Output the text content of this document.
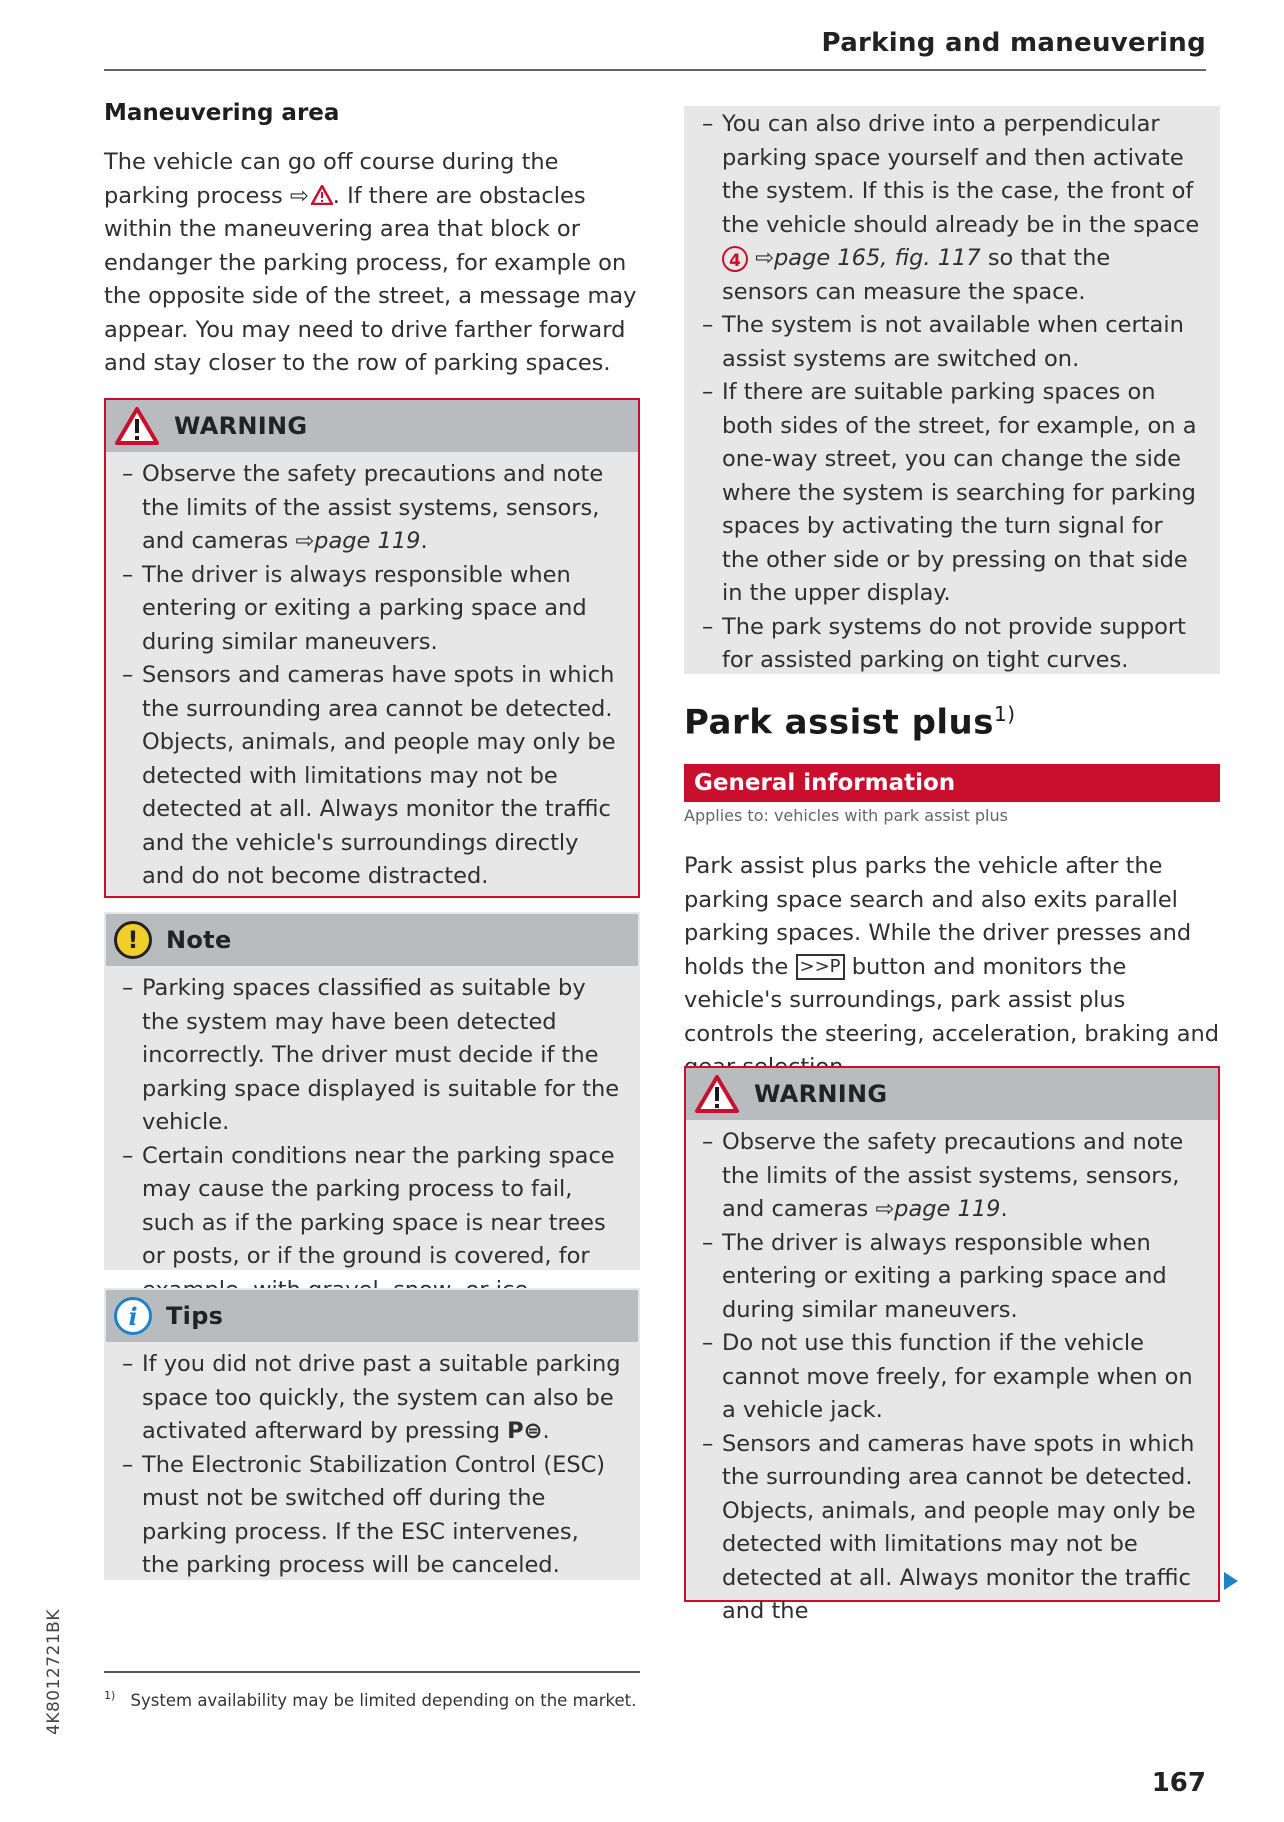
Parking and maneuvering
Maneuvering area
The vehicle can go off course during the parking process ⇨ . If there are obstacles within the maneuvering area that block or endanger the parking process, for example on the opposite side of the street, a message may appear. You may need to drive farther forward and stay closer to the row of parking spaces.
WARNING
– Observe the safety precautions and note the limits of the assist systems, sensors, and cameras ⇨page 119.
– The driver is always responsible when entering or exiting a parking space and during similar maneuvers.
– Sensors and cameras have spots in which the surrounding area cannot be detected. Objects, animals, and people may only be detected with limitations may not be detected at all. Always monitor the traffic and the vehicle's surroundings directly and do not become distracted.
!	Note
– Parking spaces classified as suitable by the system may have been detected incorrectly. The driver must decide if the parking space displayed is suitable for the vehicle.
– Certain conditions near the parking space may cause the parking process to fail, such as if the parking space is near trees or posts, or if the ground is covered, for
i	Tips
– If you did not drive past a suitable parking space too quickly, the system can also be activated afterward by pressing P⊜.
– The Electronic Stabilization Control (ESC) must not be switched off during the parking process. If the ESC intervenes, the parking process will be canceled.
$^{1)}$ System availability may be limited depending on the market.
– You can also drive into a perpendicular parking space yourself and then activate the system. If this is the case, the front of the vehicle should already be in the space 4 ⇨page 165, fig. 117 so that the sensors can measure the space.
– The system is not available when certain assist systems are switched on.
– If there are suitable parking spaces on both sides of the street, for example, on a one-way street, you can change the side where the system is searching for parking spaces by activating the turn signal for the other side or by pressing on that side in the upper display.
– The park systems do not provide support for assisted parking on tight curves.
Park assist plus$^{1)}$
General information
Applies to: vehicles with park assist plus
Park assist plus parks the vehicle after the parking space search and also exits parallel parking spaces. While the driver presses and holds the >>P button and monitors the vehicle's surroundings, park assist plus controls the steering, acceleration, braking and
WARNING
– Observe the safety precautions and note the limits of the assist systems, sensors, and cameras ⇨page 119.
– The driver is always responsible when entering or exiting a parking space and during similar maneuvers.
– Do not use this function if the vehicle cannot move freely, for example when on a vehicle jack.
– Sensors and cameras have spots in which the surrounding area cannot be detected. Objects, animals, and people may only be detected with limitations may not be detected at all. Always monitor the traffic and the
4K8012721BK
167
